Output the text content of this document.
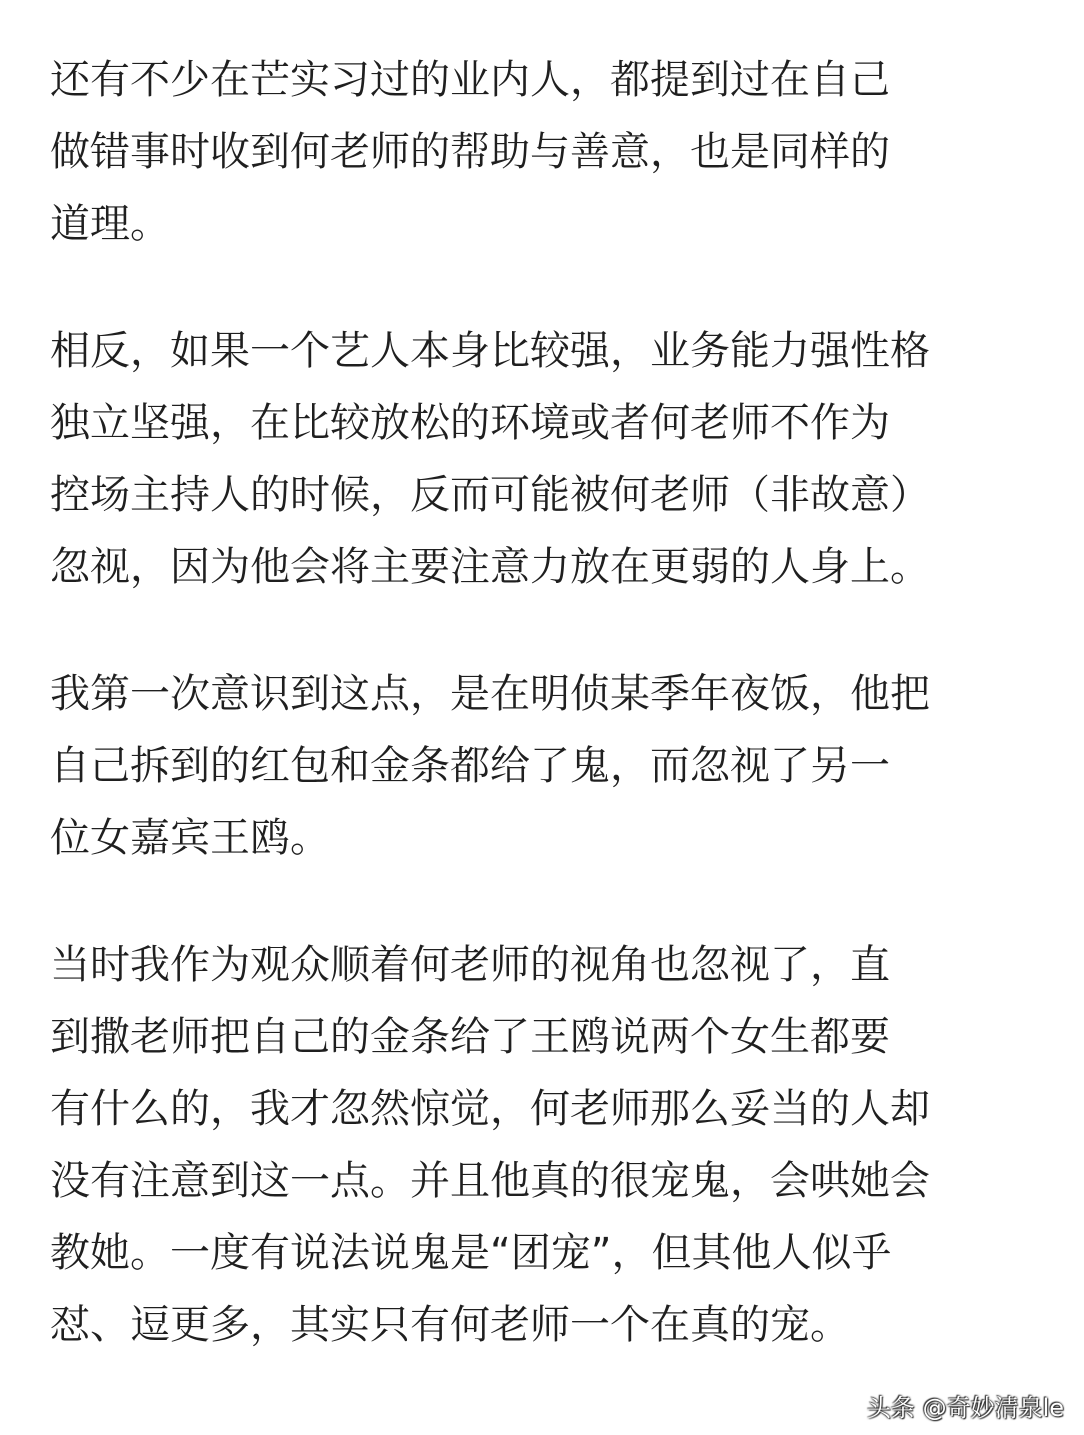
还有不少在芒实习过的业内人，都提到过在自己
做错事时收到何老师的帮助与善意，也是同样的
道理。

相反，如果一个艺人本身比较强，业务能力强性格
独立坚强，在比较放松的环境或者何老师不作为
控场主持人的时候，反而可能被何老师（非故意）
忽视，因为他会将主要注意力放在更弱的人身上。

我第一次意识到这点，是在明侦某季年夜饭，他把
自己拆到的红包和金条都给了鬼，而忽视了另一
位女嘉宾王鸥。

当时我作为观众顺着何老师的视角也忽视了，直
到撒老师把自己的金条给了王鸥说两个女生都要
有什么的，我才忽然惊觉，何老师那么妥当的人却
没有注意到这一点。并且他真的很宠鬼，会哄她会
教她。一度有说法说鬼是“团宠”，但其他人似乎
怼、逗更多，其实只有何老师一个在真的宠。

头条 @奇妙清泉le
